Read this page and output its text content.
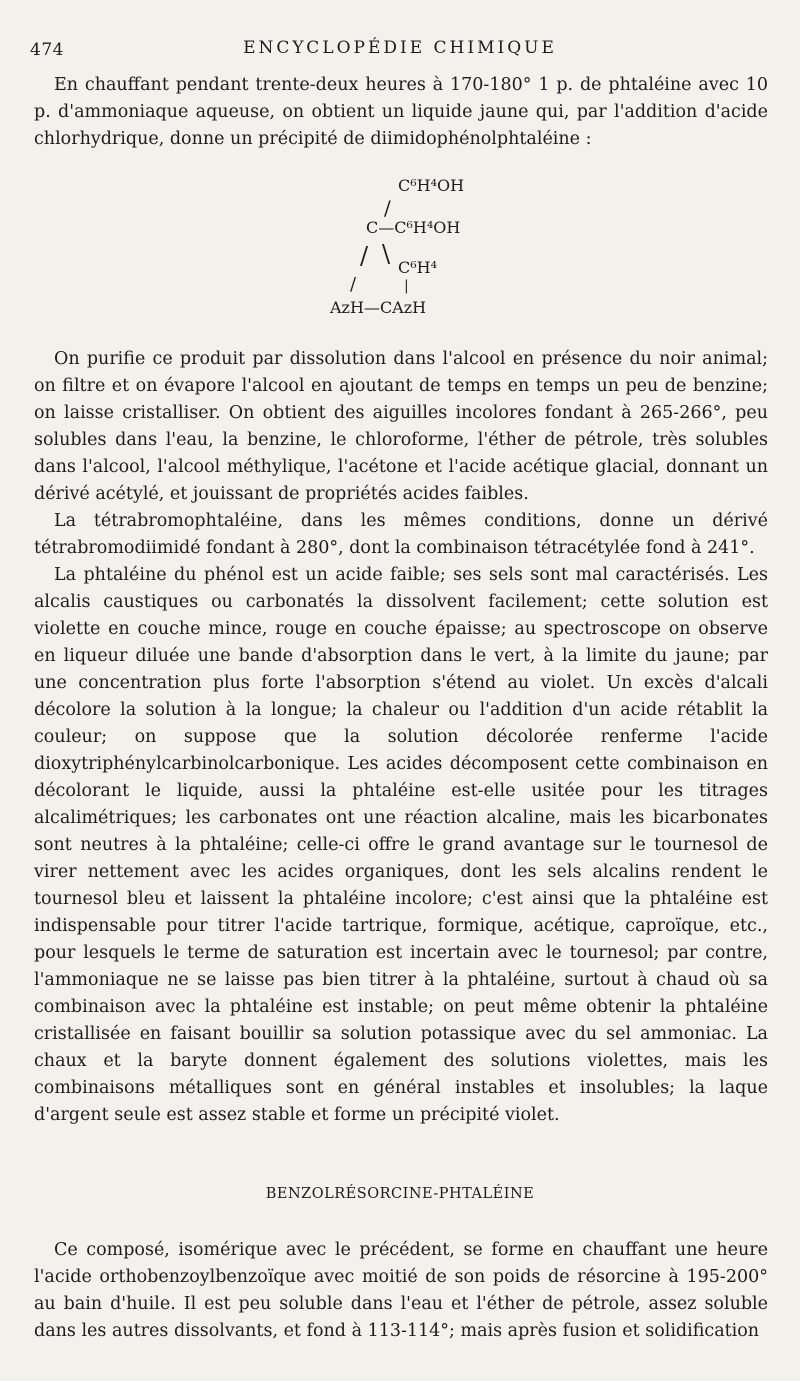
474	ENCYCLOPÉDIE CHIMIQUE

En chauffant pendant trente-deux heures à 170-180° 1 p. de phtaléine avec 10 p. d'ammoniaque aqueuse, on obtient un liquide jaune qui, par l'addition d'acide chlorhydrique, donne un précipité de diimidophénolphtaléine :

C⁶H⁴OH
/
C—C⁶H⁴OH
/ \ C⁶H⁴
/	|
AzH—CAzH

On purifie ce produit par dissolution dans l'alcool en présence du noir animal; on filtre et on évapore l'alcool en ajoutant de temps en temps un peu de benzine; on laisse cristalliser. On obtient des aiguilles incolores fondant à 265-266°, peu solubles dans l'eau, la benzine, le chloroforme, l'éther de pétrole, très solubles dans l'alcool, l'alcool méthylique, l'acétone et l'acide acétique glacial, donnant un dérivé acétylé, et jouissant de propriétés acides faibles.

La tétrabromophtaléine, dans les mêmes conditions, donne un dérivé tétrabromodiimidé fondant à 280°, dont la combinaison tétracétylée fond à 241°.

La phtaléine du phénol est un acide faible; ses sels sont mal caractérisés. Les alcalis caustiques ou carbonatés la dissolvent facilement; cette solution est violette en couche mince, rouge en couche épaisse; au spectroscope on observe en liqueur diluée une bande d'absorption dans le vert, à la limite du jaune; par une concentration plus forte l'absorption s'étend au violet. Un excès d'alcali décolore la solution à la longue; la chaleur ou l'addition d'un acide rétablit la couleur; on suppose que la solution décolorée renferme l'acide dioxytriphénylcarbinolcarbonique. Les acides décomposent cette combinaison en décolorant le liquide, aussi la phtaléine est-elle usitée pour les titrages alcalimétriques; les carbonates ont une réaction alcaline, mais les bicarbonates sont neutres à la phtaléine; celle-ci offre le grand avantage sur le tournesol de virer nettement avec les acides organiques, dont les sels alcalins rendent le tournesol bleu et laissent la phtaléine incolore; c'est ainsi que la phtaléine est indispensable pour titrer l'acide tartrique, formique, acétique, caproïque, etc., pour lesquels le terme de saturation est incertain avec le tournesol; par contre, l'ammoniaque ne se laisse pas bien titrer à la phtaléine, surtout à chaud où sa combinaison avec la phtaléine est instable; on peut même obtenir la phtaléine cristallisée en faisant bouillir sa solution potassique avec du sel ammoniac. La chaux et la baryte donnent également des solutions violettes, mais les combinaisons métalliques sont en général instables et insolubles; la laque d'argent seule est assez stable et forme un précipité violet.

BENZOLRÉSORCINE-PHTALÉINE

Ce composé, isomérique avec le précédent, se forme en chauffant une heure l'acide orthobenzoylbenzoïque avec moitié de son poids de résorcine à 195-200° au bain d'huile. Il est peu soluble dans l'eau et l'éther de pétrole, assez soluble dans les autres dissolvants, et fond à 113-114°; mais après fusion et solidification
